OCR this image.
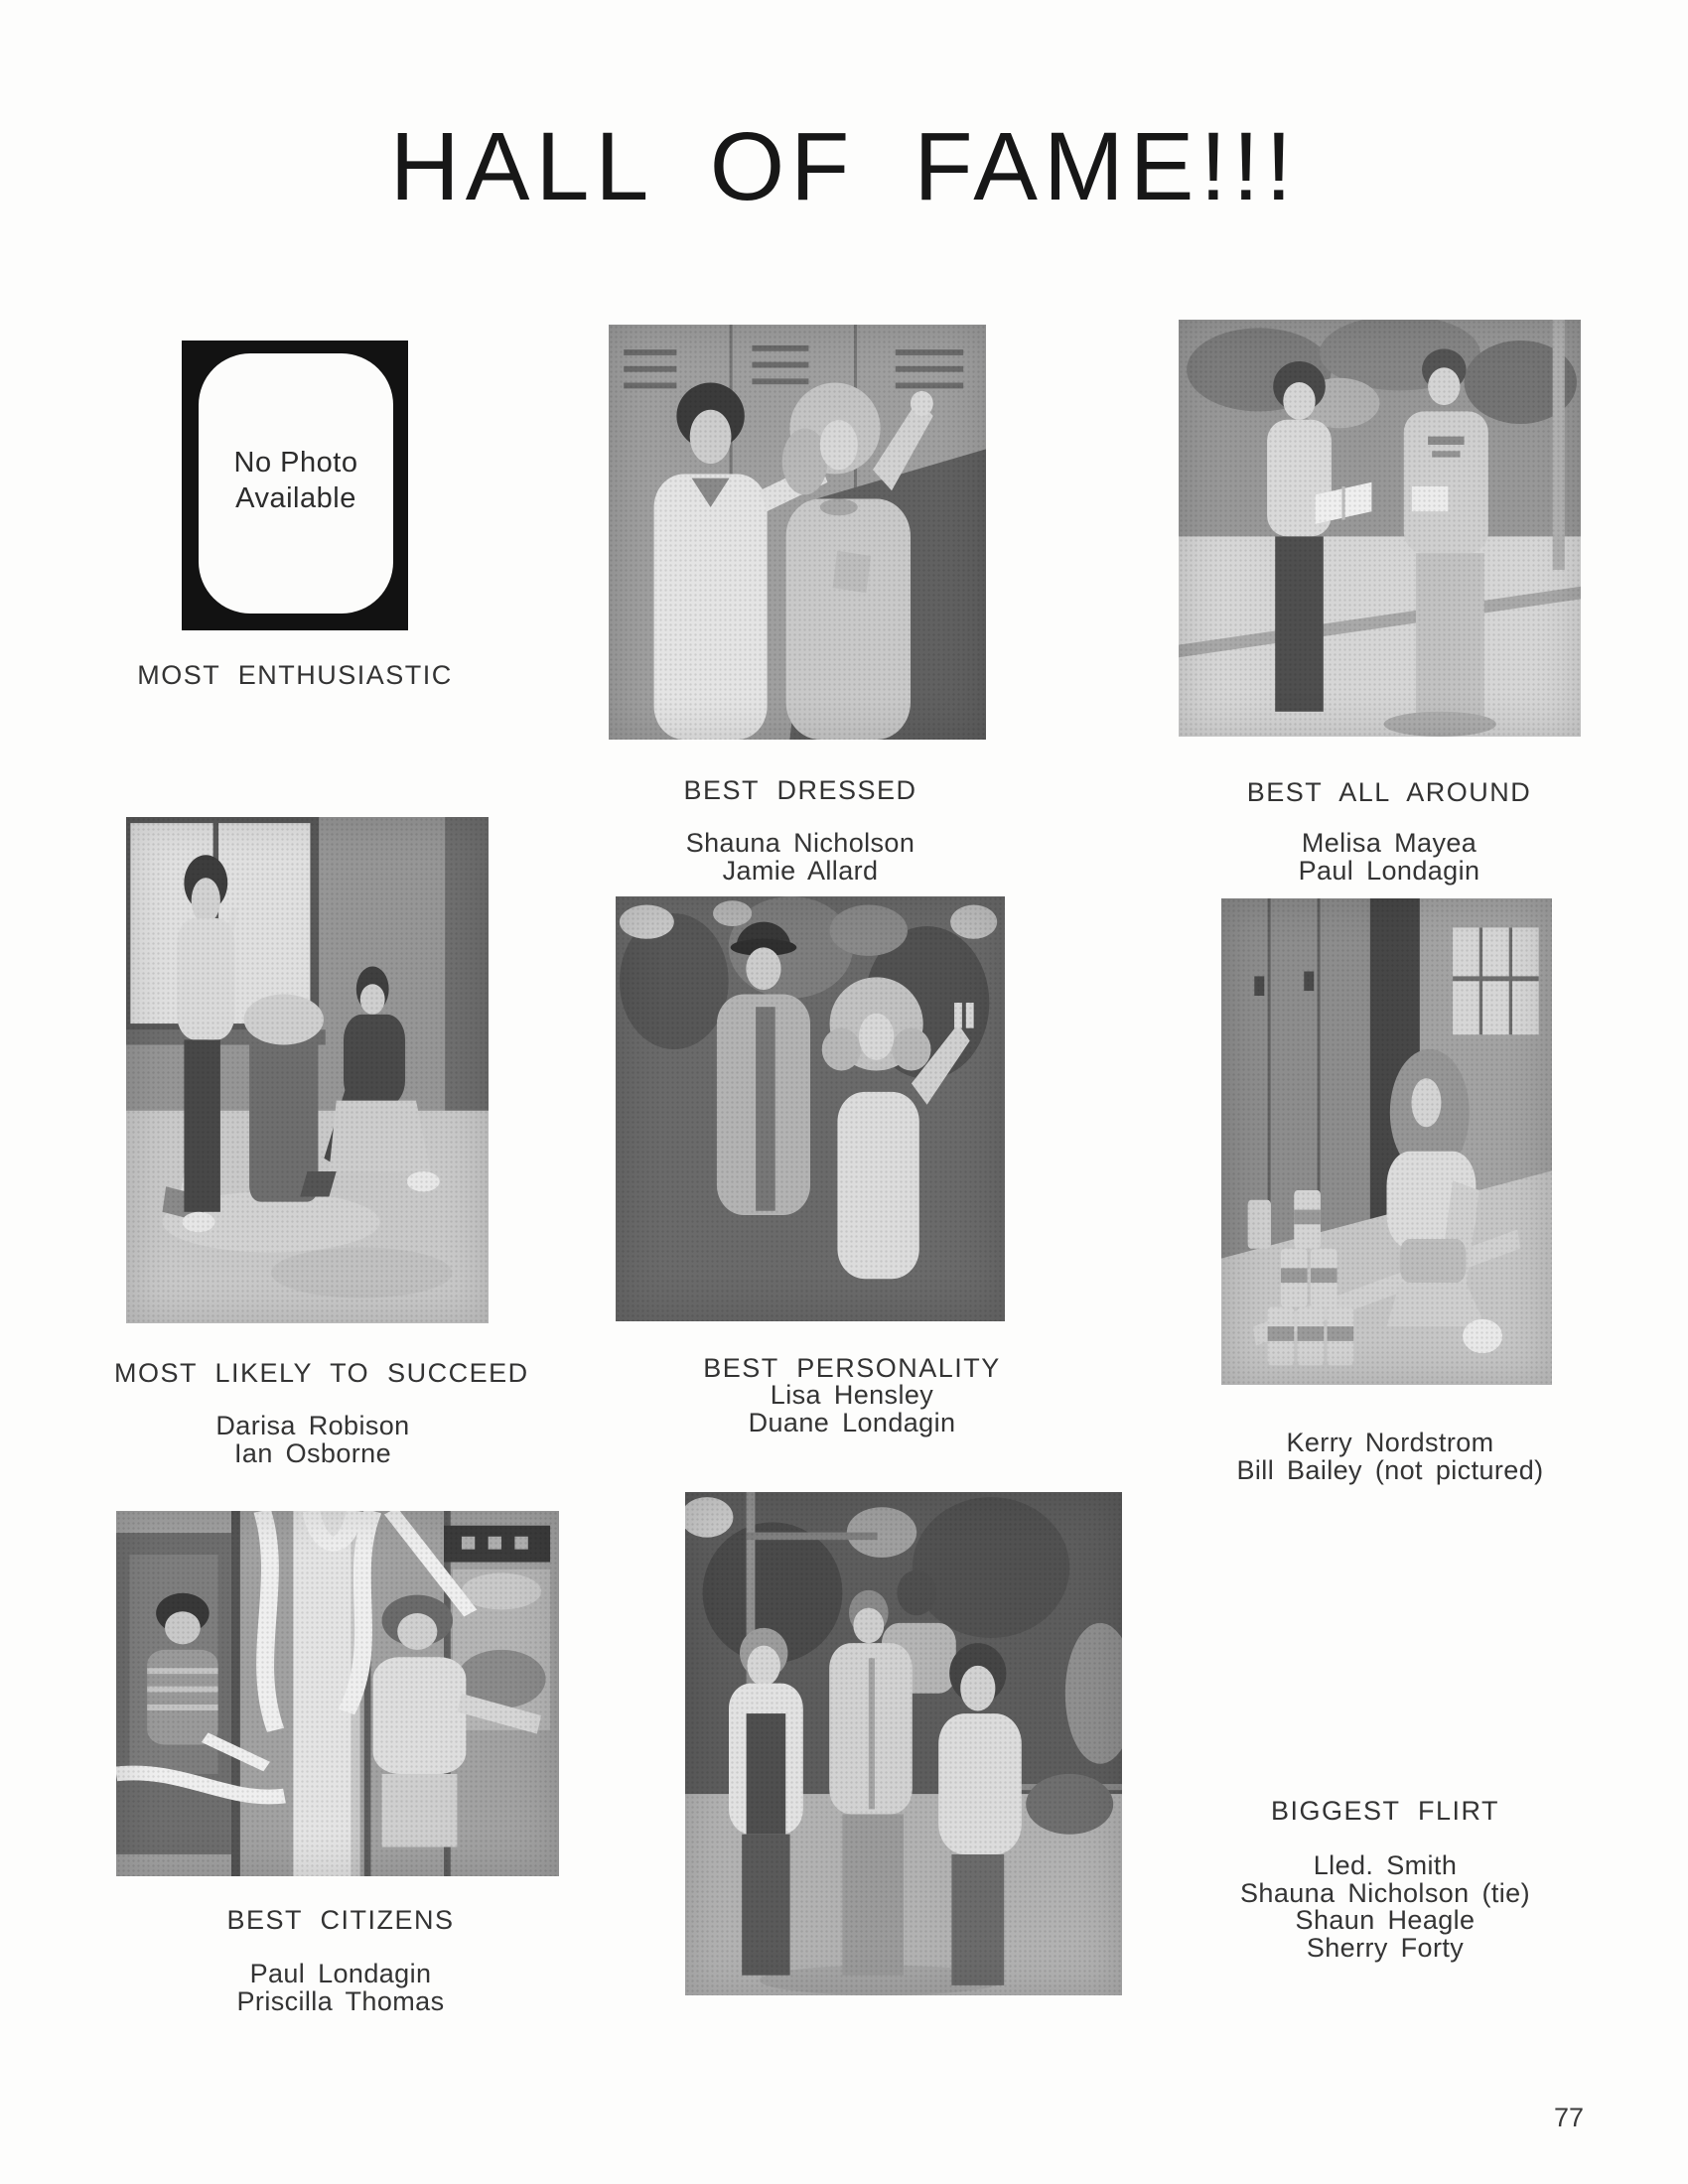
HALL OF FAME!!!
No Photo
Available
MOST ENTHUSIASTIC
BEST DRESSED
Shauna Nicholson
Jamie Allard
BEST ALL AROUND
Melisa Mayea
Paul Londagin
MOST LIKELY TO SUCCEED
Darisa Robison
Ian Osborne
BEST PERSONALITY
Lisa Hensley
Duane Londagin
Kerry Nordstrom
Bill Bailey (not pictured)
BEST CITIZENS
Paul Londagin
Priscilla Thomas
BIGGEST FLIRT
Lled. Smith
Shauna Nicholson (tie)
Shaun Heagle
Sherry Forty
77
